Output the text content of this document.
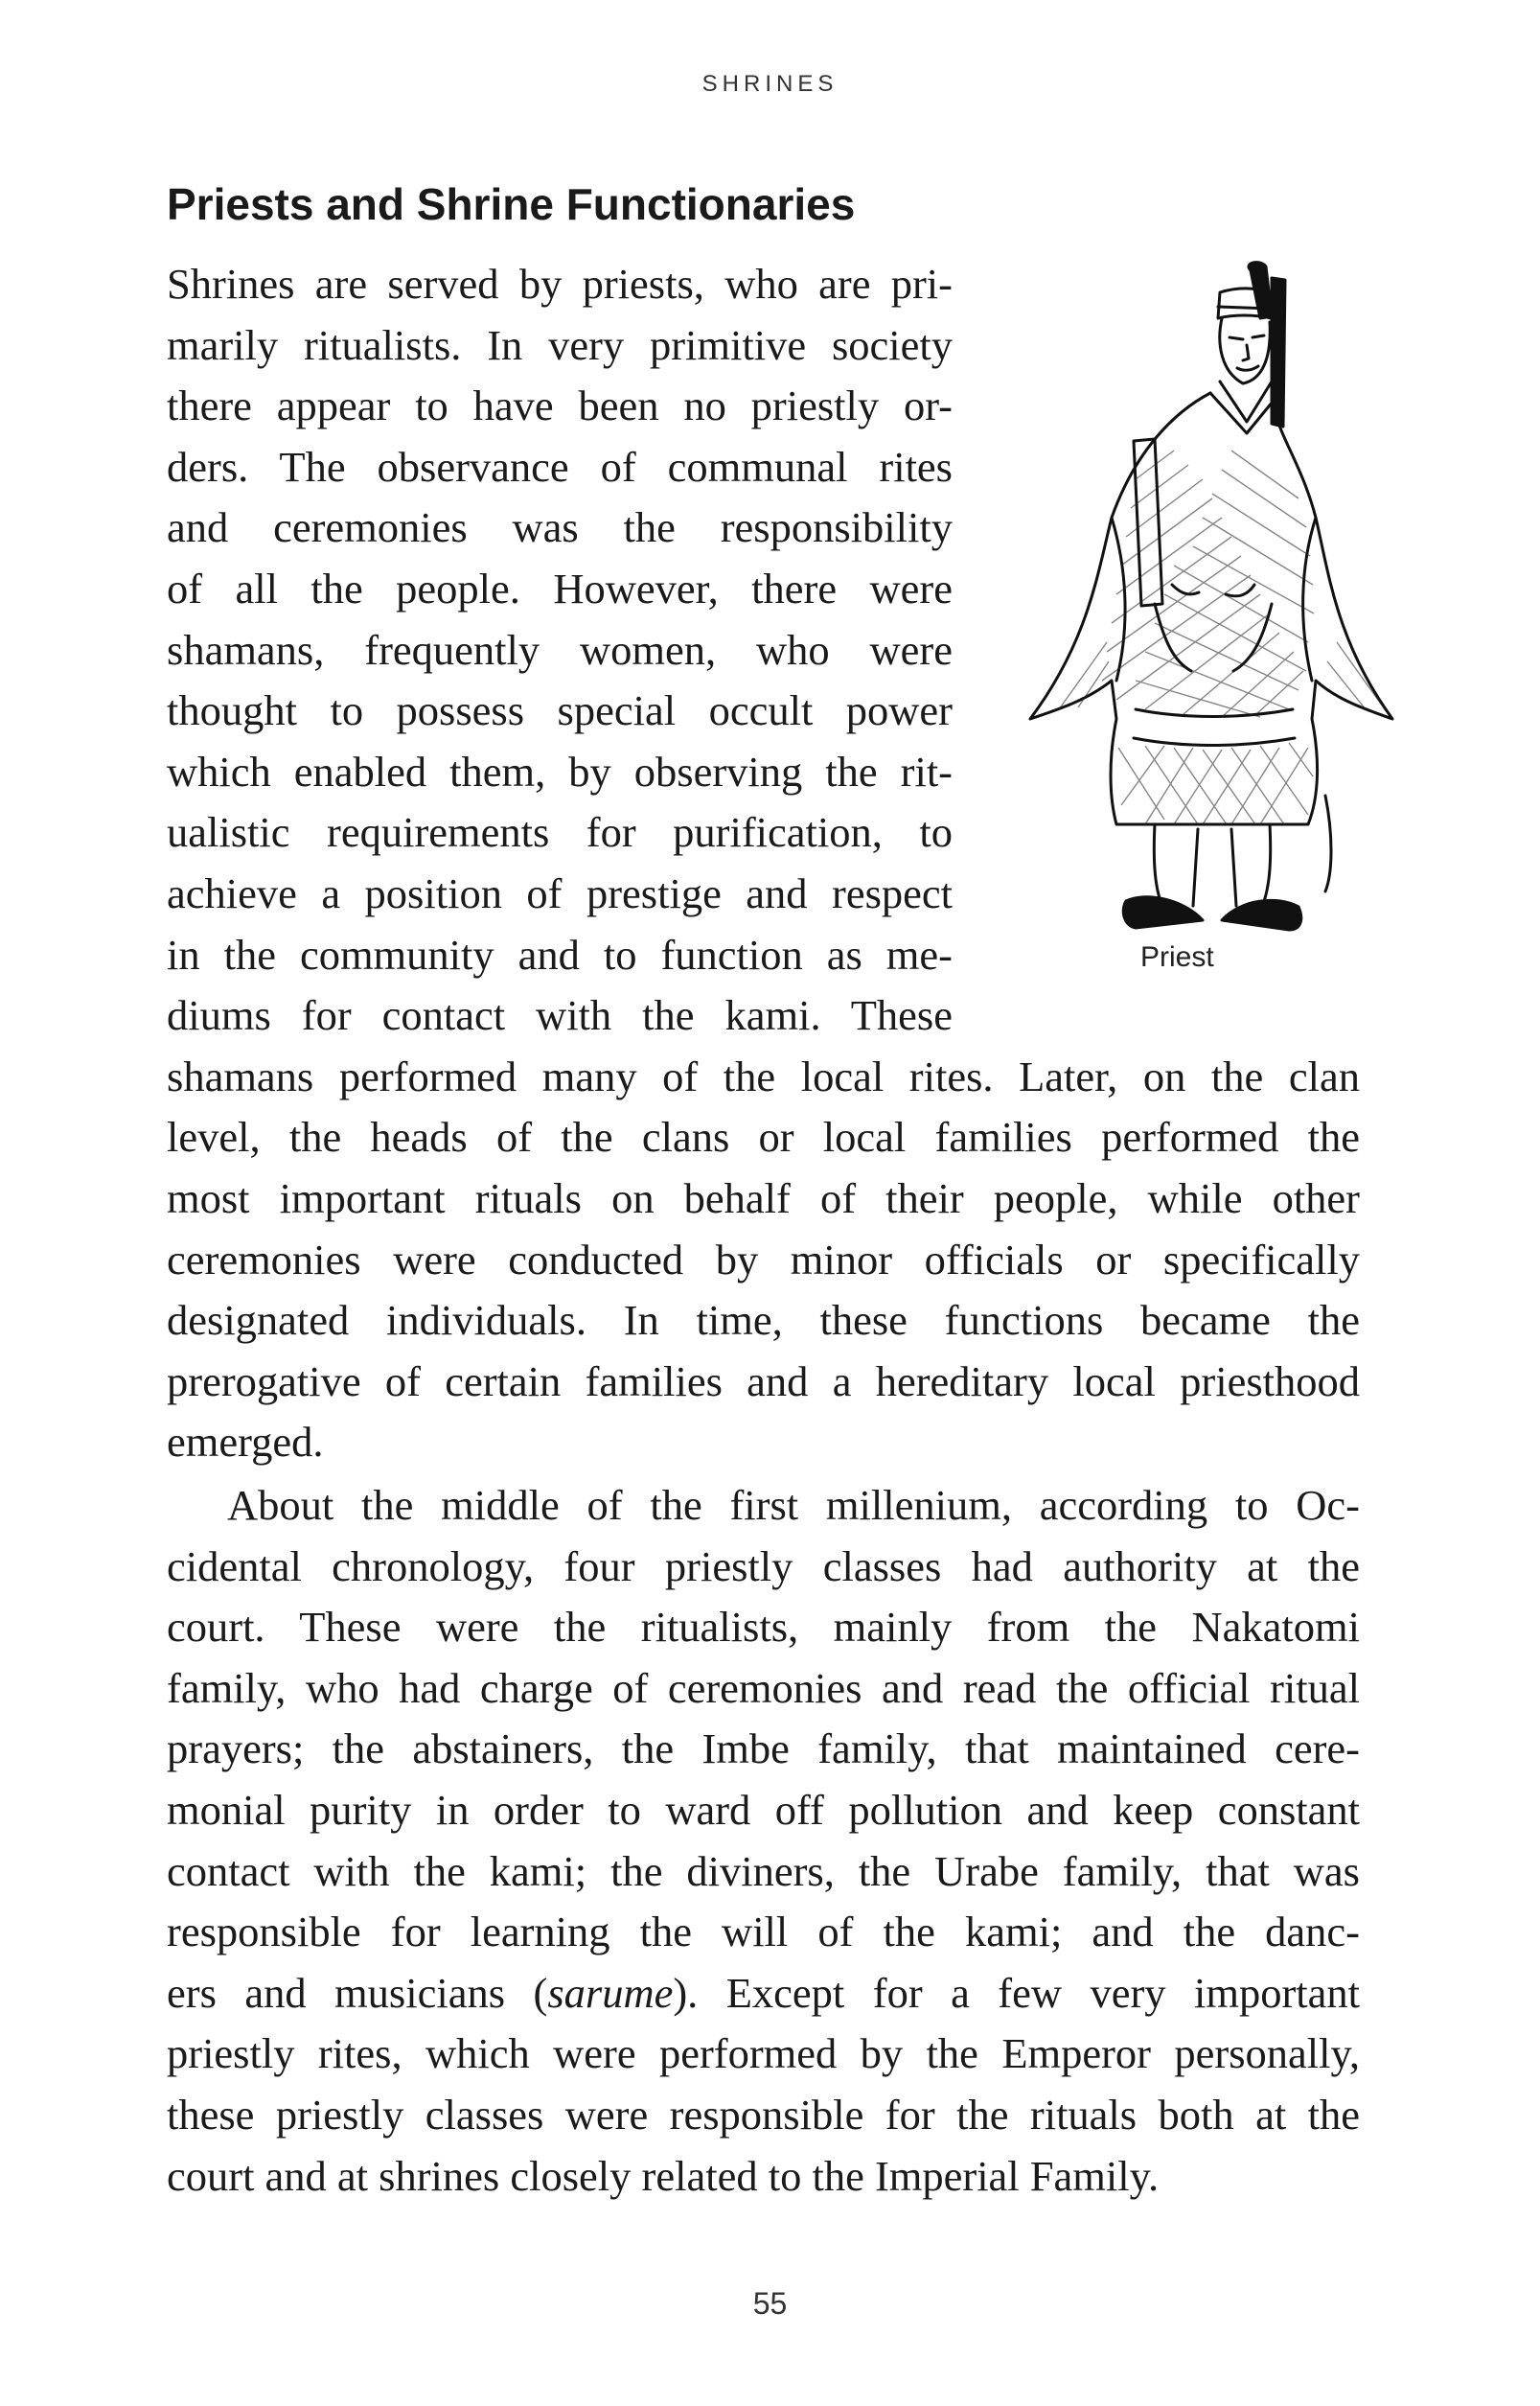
SHRINES
Priests and Shrine Functionaries
Priest
Shrines are served by priests, who are pri-
marily ritualists. In very primitive society
there appear to have been no priestly or-
ders. The observance of communal rites
and ceremonies was the responsibility
of all the people. However, there were
shamans, frequently women, who were
thought to possess special occult power
which enabled them, by observing the rit-
ualistic requirements for purification, to
achieve a position of prestige and respect
in the community and to function as me-
diums for contact with the kami. These
shamans performed many of the local rites. Later, on the clan
level, the heads of the clans or local families performed the
most important rituals on behalf of their people, while other
ceremonies were conducted by minor officials or specifically
designated individuals. In time, these functions became the
prerogative of certain families and a hereditary local priesthood
emerged.
About the middle of the first millenium, according to Oc-
cidental chronology, four priestly classes had authority at the
court. These were the ritualists, mainly from the Nakatomi
family, who had charge of ceremonies and read the official ritual
prayers; the abstainers, the Imbe family, that maintained cere-
monial purity in order to ward off pollution and keep constant
contact with the kami; the diviners, the Urabe family, that was
responsible for learning the will of the kami; and the danc-
ers and musicians (sarume). Except for a few very important
priestly rites, which were performed by the Emperor personally,
these priestly classes were responsible for the rituals both at the
court and at shrines closely related to the Imperial Family.
55
